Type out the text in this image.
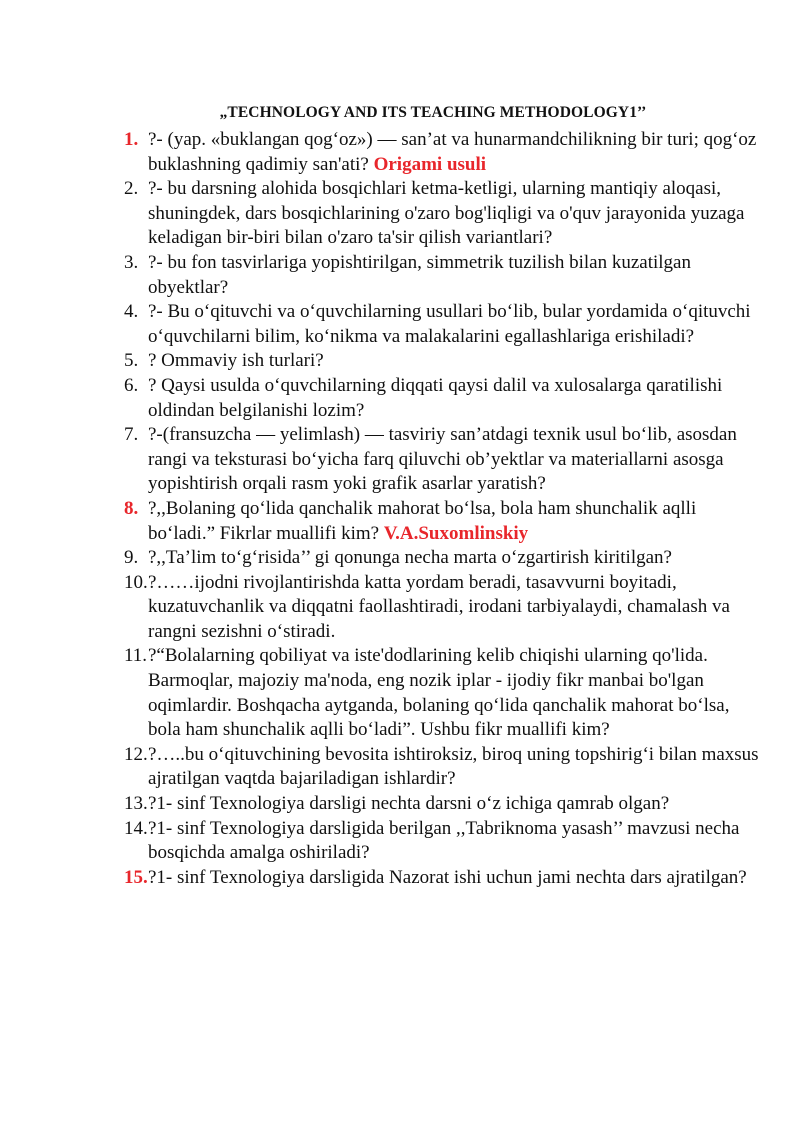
„TECHNOLOGY AND ITS TEACHING METHODOLOGY1’’
1. ?- (yap. «buklangan qog‘oz») — san’at va hunarmandchilikning bir turi; qog‘oz buklashning qadimiy san'ati? Origami usuli
2. ?- bu darsning alohida bosqichlari ketma-ketligi, ularning mantiqiy aloqasi, shuningdek, dars bosqichlarining o'zaro bog'liqligi va o'quv jarayonida yuzaga keladigan bir-biri bilan o'zaro ta'sir qilish variantlari?
3. ?- bu fon tasvirlariga yopishtirilgan, simmetrik tuzilish bilan kuzatilgan obyektlar?
4. ?- Bu o‘qituvchi va o‘quvchilarning usullari bo‘lib, bular yordamida o‘qituvchi o‘quvchilarni bilim, ko‘nikma va malakalarini egallashlariga erishiladi?
5. ? Ommaviy ish turlari?
6. ? Qaysi usulda o‘quvchilarning diqqati qaysi dalil va xulosalarga qaratilishi oldindan belgilanishi lozim?
7. ?-(fransuzcha — yelimlash) — tasviriy san’atdagi texnik usul bo‘lib, asosdan rangi va teksturasi bo‘yicha farq qiluvchi ob’yektlar va materiallarni asosga yopishtirish orqali rasm yoki grafik asarlar yaratish?
8. ?,,Bolaning qo‘lida qanchalik mahorat bo‘lsa, bola ham shunchalik aqlli bo‘ladi.” Fikrlar muallifi kim? V.A.Suxomlinskiy
9. ?,,Ta’lim to‘g‘risida’’ gi qonunga necha marta o‘zgartirish kiritilgan?
10. ?……ijodni rivojlantirishda katta yordam beradi, tasavvurni boyitadi, kuzatuvchanlik va diqqatni faollashtiradi, irodani tarbiyalaydi, chamalash va rangni sezishni o‘stiradi.
11. ?“Bolalarning qobiliyat va iste'dodlarining kelib chiqishi ularning qo'lida. Barmoqlar, majoziy ma'noda, eng nozik iplar - ijodiy fikr manbai bo'lgan oqimlardir. Boshqacha aytganda, bolaning qo‘lida qanchalik mahorat bo‘lsa, bola ham shunchalik aqlli bo‘ladi”. Ushbu fikr muallifi kim?
12. ?…..bu o‘qituvchining bevosita ishtiroksiz, biroq uning topshirig‘i bilan maxsus ajratilgan vaqtda bajariladigan ishlardir?
13. ?1- sinf Texnologiya darsligi nechta darsni o‘z ichiga qamrab olgan?
14. ?1- sinf Texnologiya darsligida berilgan ,,Tabriknoma yasash’’ mavzusi necha bosqichda amalga oshiriladi?
15. ?1- sinf Texnologiya darsligida Nazorat ishi uchun jami nechta dars ajratilgan?
